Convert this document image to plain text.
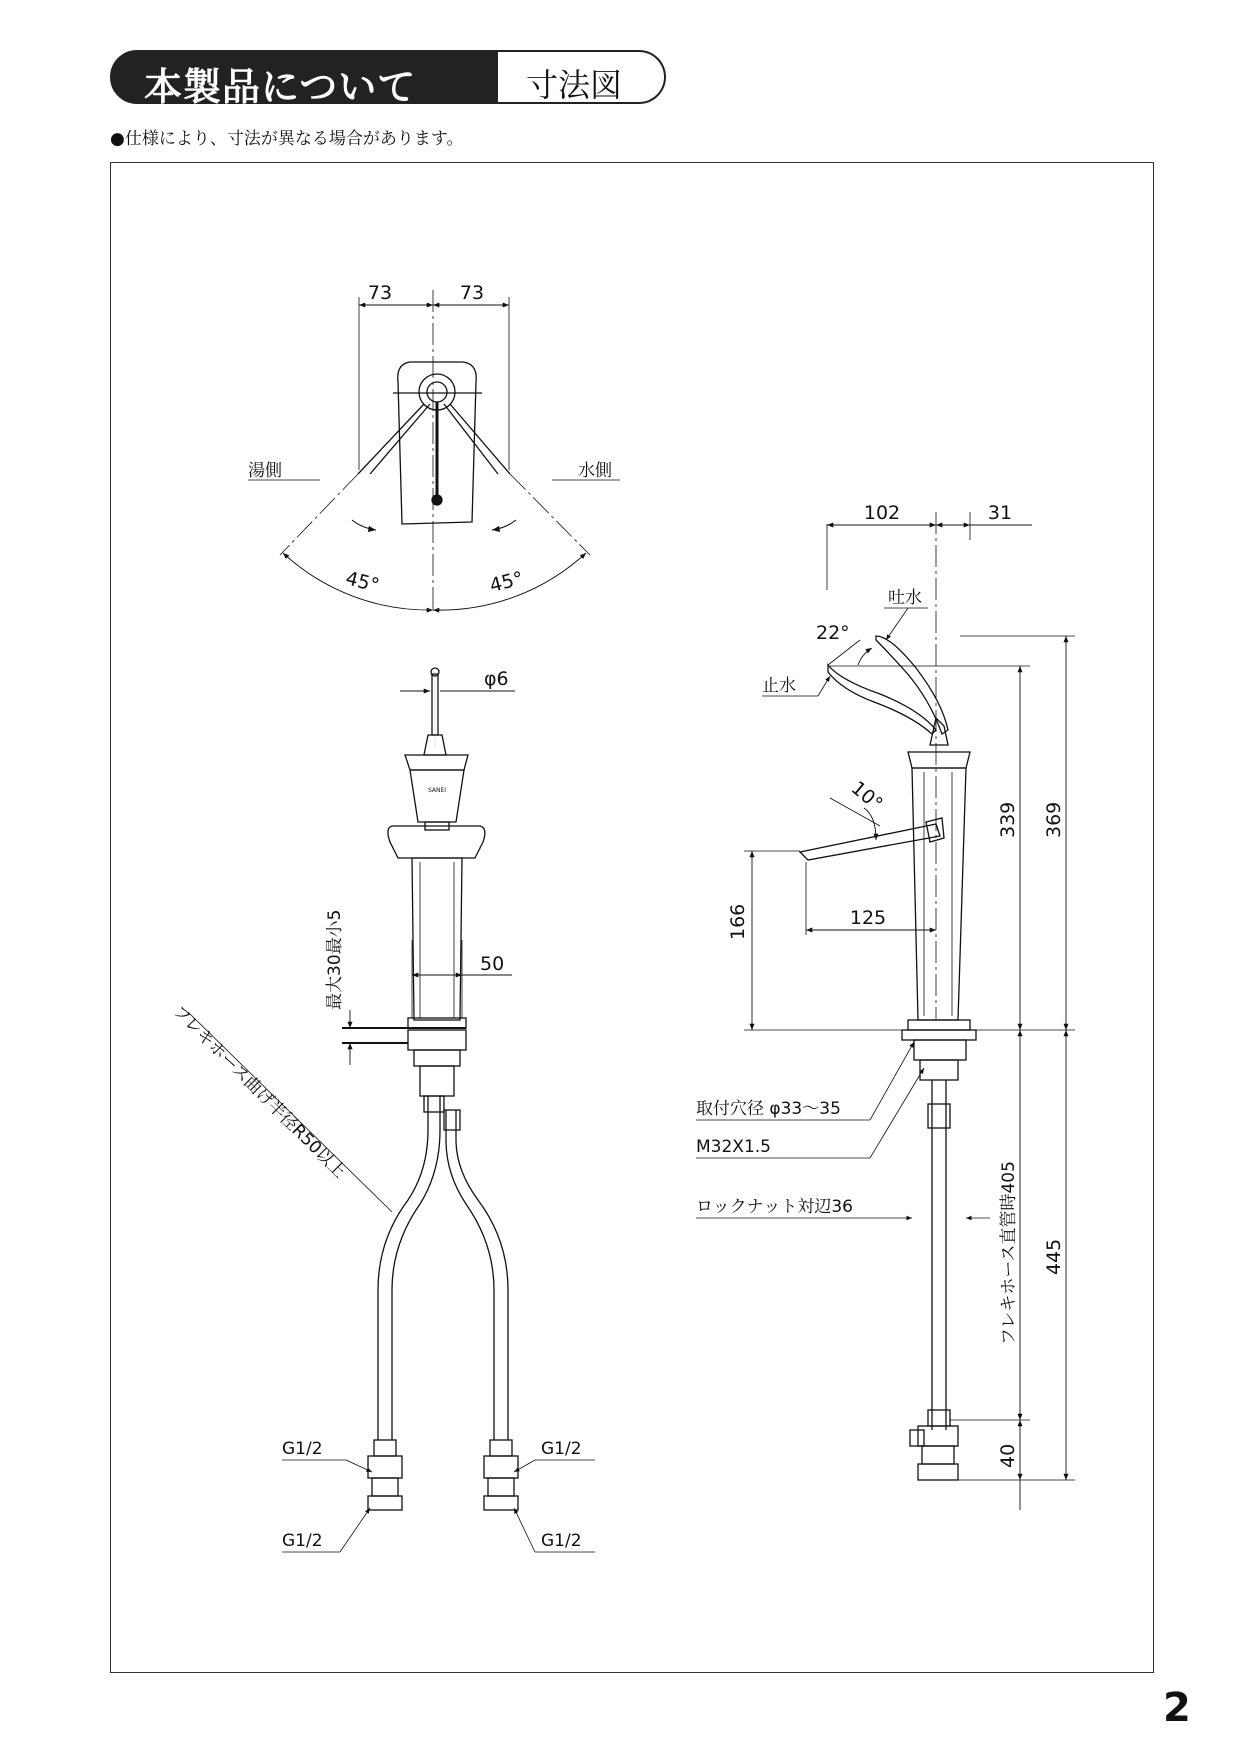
本製品について	寸法図
●仕様により、寸法が異なる場合があります。
73	73
湯側	水側
45°	45°
φ6
SANEI
50
最大30最小5
フレキホース曲げ半径R50以上
G1/2	G1/2
G1/2	G1/2
102	31
吐水
22°
止水
10°
339 369
166	125
取付穴径 φ33～35
M32X1.5
ロックナット対辺36	フレキホース直管時405 445
40
2
